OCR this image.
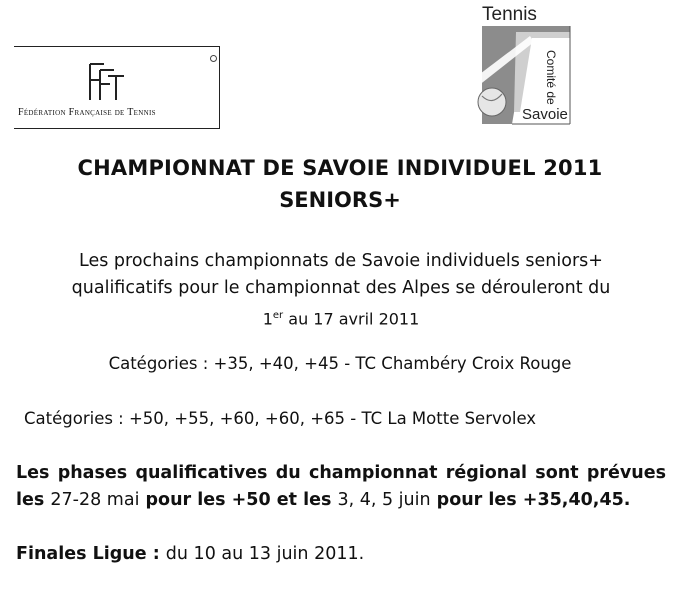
Fédération Française de Tennis
Tennis
Comité de
Savoie
CHAMPIONNAT DE SAVOIE INDIVIDUEL 2011
SENIORS+
Les prochains championnats de Savoie individuels seniors+
qualificatifs pour le championnat des Alpes se dérouleront du
1er au 17 avril 2011
Catégories : +35, +40, +45 - TC Chambéry Croix Rouge
Catégories : +50, +55, +60, +60, +65 - TC La Motte Servolex
Les phases qualificatives du championnat régional sont prévues les 27-28 mai pour les +50 et les 3, 4, 5 juin pour les +35,40,45.
Finales Ligue : du 10 au 13 juin 2011.
